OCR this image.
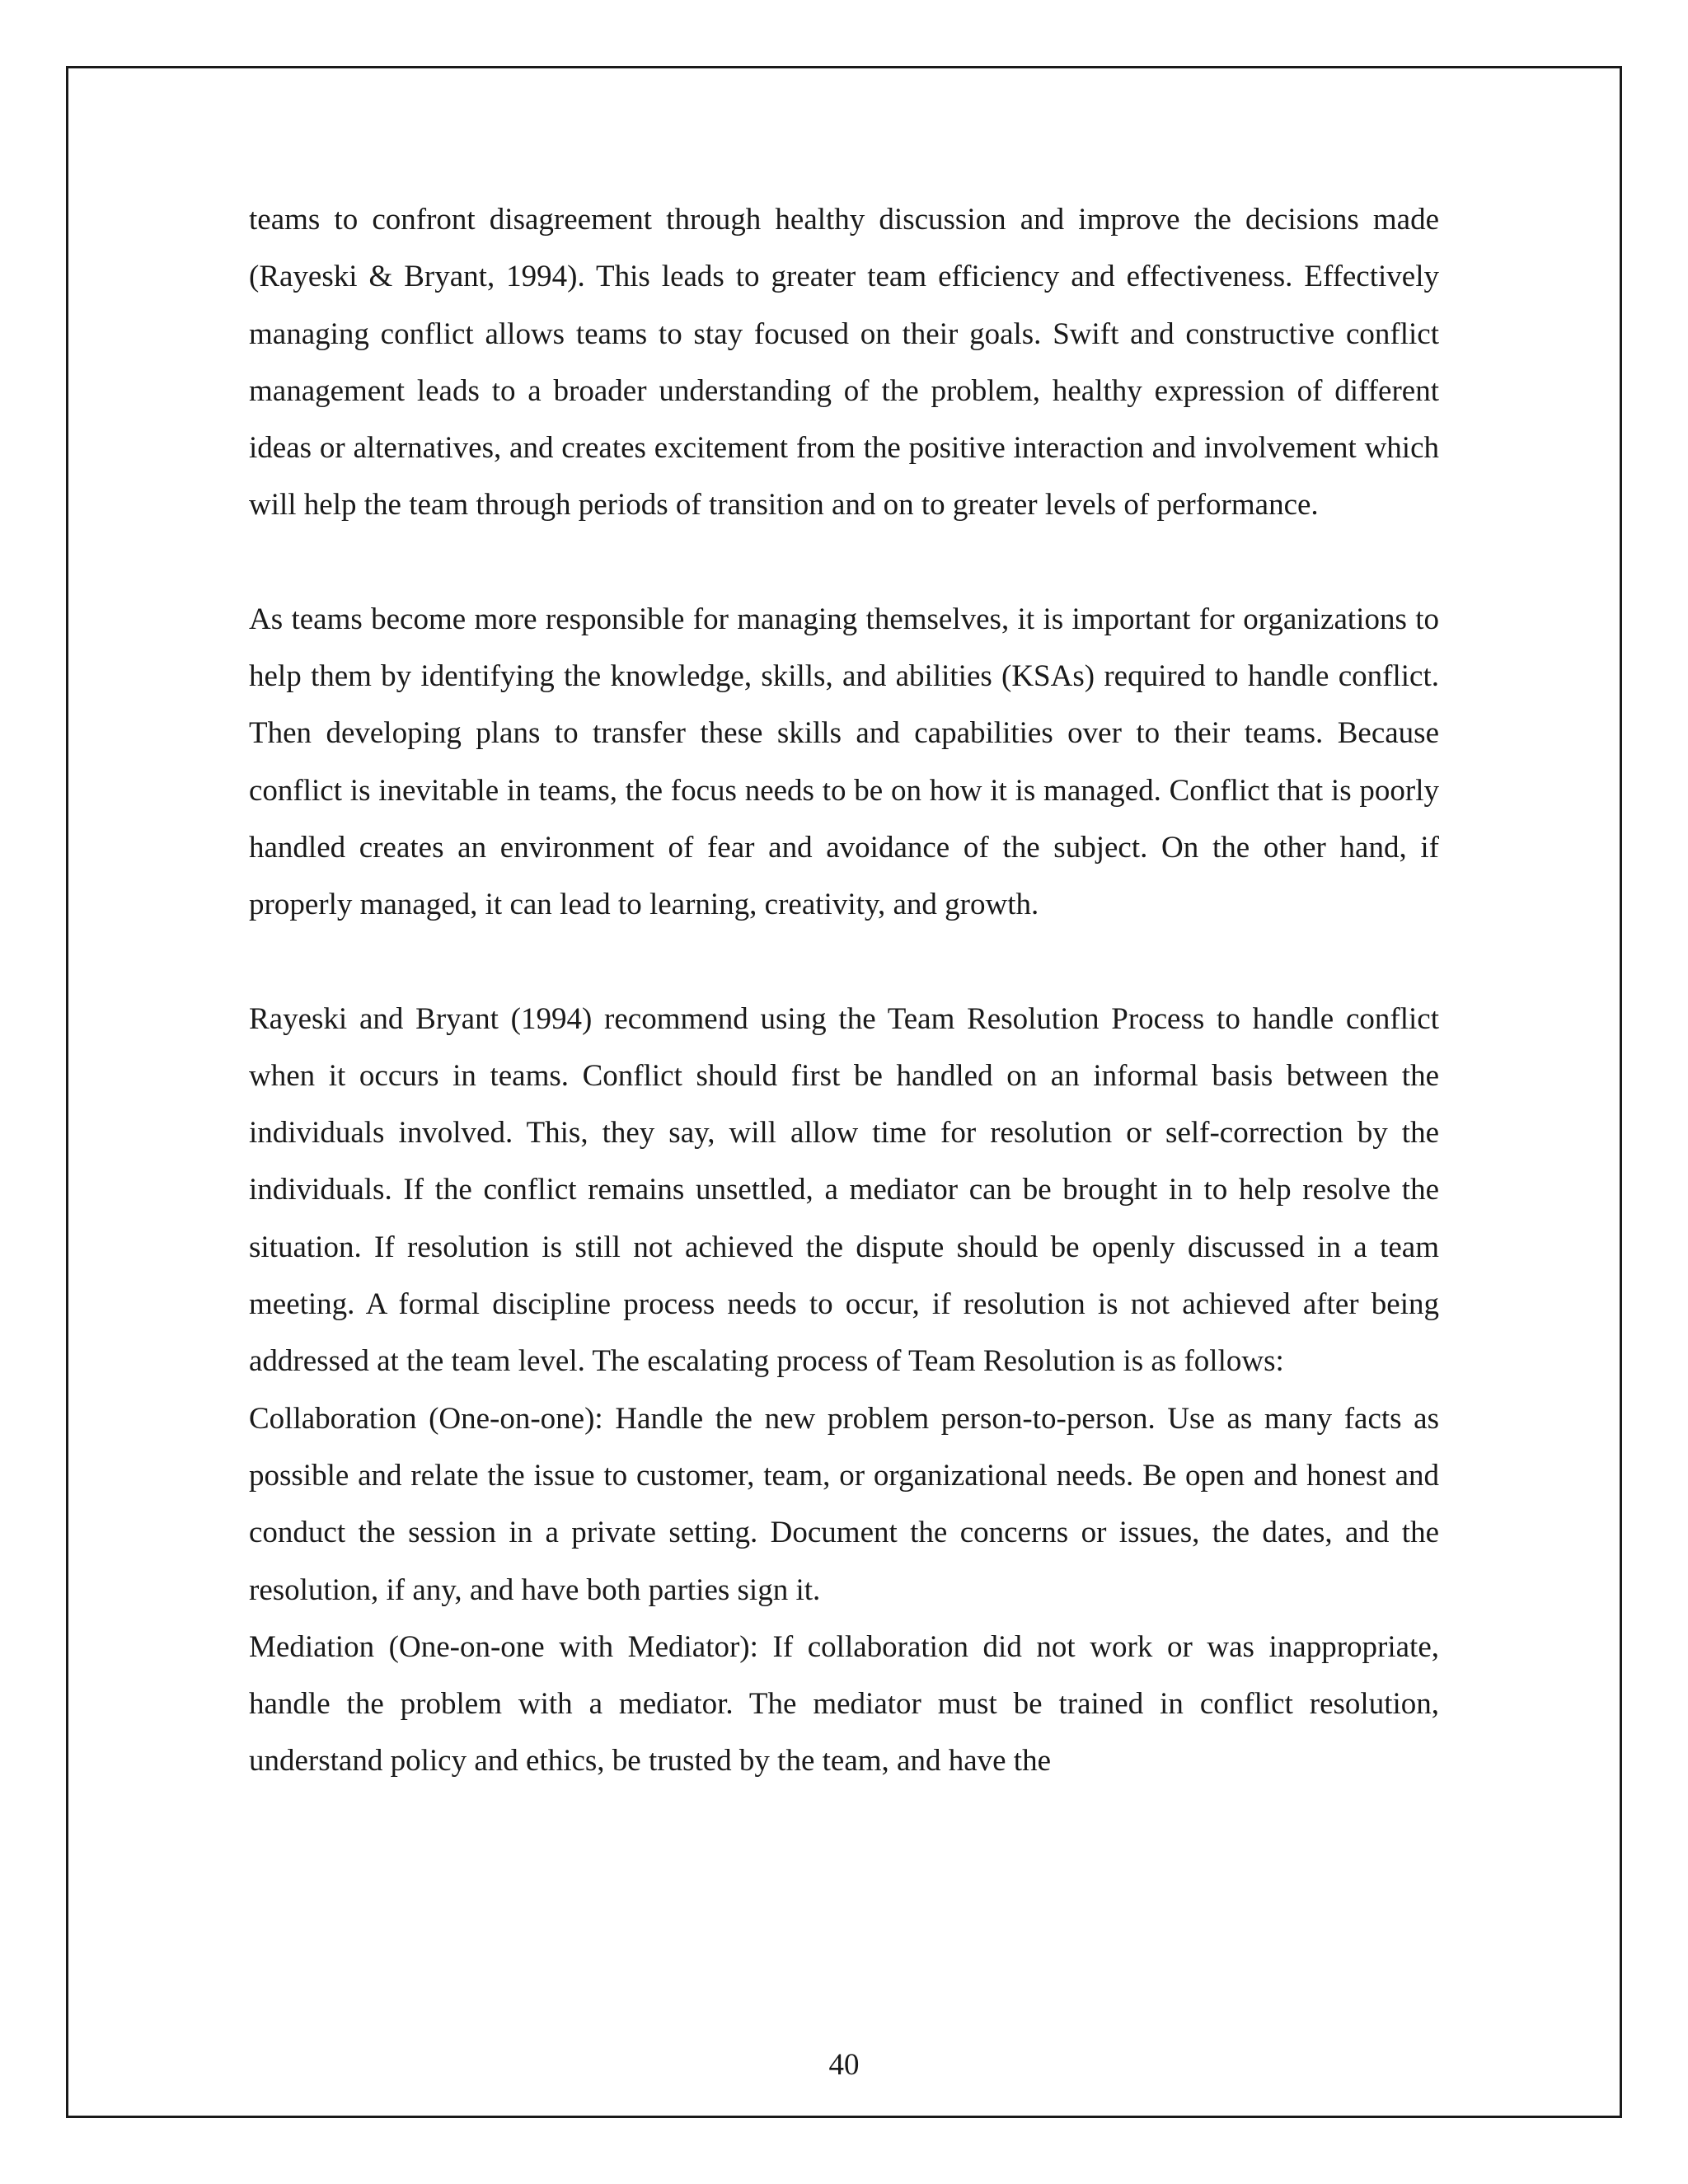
teams to confront disagreement through healthy discussion and improve the decisions made (Rayeski & Bryant, 1994). This leads to greater team efficiency and effectiveness. Effectively managing conflict allows teams to stay focused on their goals. Swift and constructive conflict management leads to a broader understanding of the problem, healthy expression of different ideas or alternatives, and creates excitement from the positive interaction and involvement which will help the team through periods of transition and on to greater levels of performance.

As teams become more responsible for managing themselves, it is important for organizations to help them by identifying the knowledge, skills, and abilities (KSAs) required to handle conflict. Then developing plans to transfer these skills and capabilities over to their teams. Because conflict is inevitable in teams, the focus needs to be on how it is managed. Conflict that is poorly handled creates an environment of fear and avoidance of the subject. On the other hand, if properly managed, it can lead to learning, creativity, and growth.

Rayeski and Bryant (1994) recommend using the Team Resolution Process to handle conflict when it occurs in teams. Conflict should first be handled on an informal basis between the individuals involved. This, they say, will allow time for resolution or self-correction by the individuals. If the conflict remains unsettled, a mediator can be brought in to help resolve the situation. If resolution is still not achieved the dispute should be openly discussed in a team meeting. A formal discipline process needs to occur, if resolution is not achieved after being addressed at the team level. The escalating process of Team Resolution is as follows:

Collaboration (One-on-one): Handle the new problem person-to-person. Use as many facts as possible and relate the issue to customer, team, or organizational needs. Be open and honest and conduct the session in a private setting. Document the concerns or issues, the dates, and the resolution, if any, and have both parties sign it.

Mediation (One-on-one with Mediator): If collaboration did not work or was inappropriate, handle the problem with a mediator. The mediator must be trained in conflict resolution, understand policy and ethics, be trusted by the team, and have the

40
